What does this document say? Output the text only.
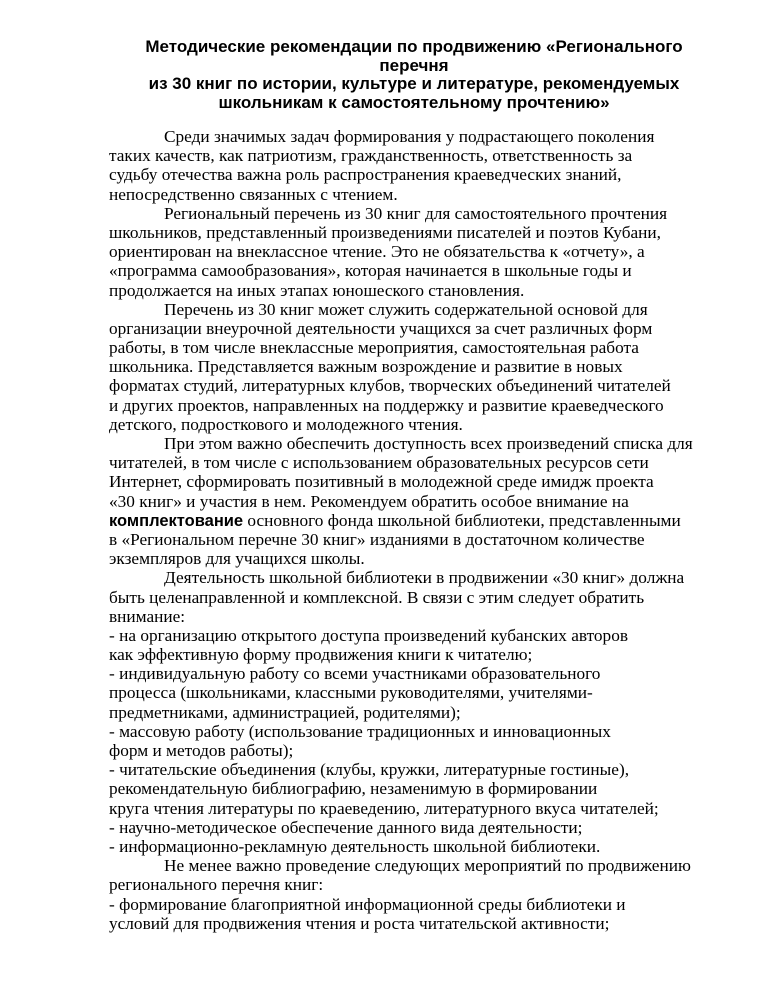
Методические рекомендации по продвижению «Регионального
перечня
из 30 книг по истории, культуре и литературе, рекомендуемых
школьникам к самостоятельному прочтению»
Среди значимых задач формирования у подрастающего поколения
таких качеств, как патриотизм, гражданственность, ответственность за
судьбу отечества важна роль распространения краеведческих знаний,
непосредственно связанных с чтением.
Региональный перечень из 30 книг для самостоятельного прочтения
школьников, представленный произведениями писателей и поэтов Кубани,
ориентирован на внеклассное чтение. Это не обязательства к «отчету», а
«программа самообразования», которая начинается в школьные годы и
продолжается на иных этапах юношеского становления.
Перечень из 30 книг может служить содержательной основой для
организации внеурочной деятельности учащихся за счет различных форм
работы, в том числе внеклассные мероприятия, самостоятельная работа
школьника. Представляется важным возрождение и развитие в новых
форматах студий, литературных клубов, творческих объединений читателей
и других проектов, направленных на поддержку и развитие краеведческого
детского, подросткового и молодежного чтения.
При этом важно обеспечить доступность всех произведений списка для
читателей, в том числе с использованием образовательных ресурсов сети
Интернет, сформировать позитивный в молодежной среде имидж проекта
«30 книг» и участия в нем. Рекомендуем обратить особое внимание на
комплектование основного фонда школьной библиотеки, представленными
в «Региональном перечне 30 книг» изданиями в достаточном количестве
экземпляров для учащихся школы.
Деятельность школьной библиотеки в продвижении «30 книг» должна
быть целенаправленной и комплексной. В связи с этим следует обратить
внимание:
- на организацию открытого доступа произведений кубанских авторов
как эффективную форму продвижения книги к читателю;
- индивидуальную работу со всеми участниками образовательного
процесса (школьниками, классными руководителями, учителями-
предметниками, администрацией, родителями);
- массовую работу (использование традиционных и инновационных
форм и методов работы);
- читательские объединения (клубы, кружки, литературные гостиные),
рекомендательную библиографию, незаменимую в формировании
круга чтения литературы по краеведению, литературного вкуса читателей;
- научно-методическое обеспечение данного вида деятельности;
- информационно-рекламную деятельность школьной библиотеки.
Не менее важно проведение следующих мероприятий по продвижению
регионального перечня книг:
- формирование благоприятной информационной среды библиотеки и
условий для продвижения чтения и роста читательской активности;
